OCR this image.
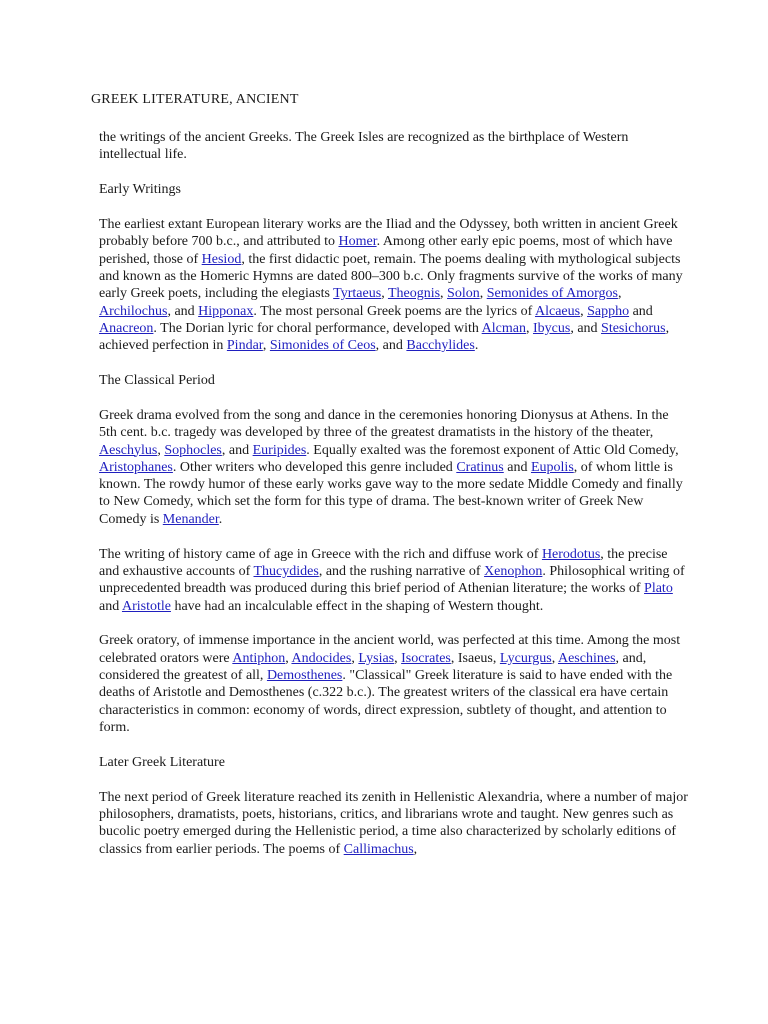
GREEK LITERATURE, ANCIENT

the writings of the ancient Greeks. The Greek Isles are recognized as the birthplace of Western intellectual life.

Early Writings

The earliest extant European literary works are the Iliad and the Odyssey, both written in ancient Greek probably before 700 b.c., and attributed to Homer. Among other early epic poems, most of which have perished, those of Hesiod, the first didactic poet, remain. The poems dealing with mythological subjects and known as the Homeric Hymns are dated 800–300 b.c. Only fragments survive of the works of many early Greek poets, including the elegiasts Tyrtaeus, Theognis, Solon, Semonides of Amorgos, Archilochus, and Hipponax. The most personal Greek poems are the lyrics of Alcaeus, Sappho and Anacreon. The Dorian lyric for choral performance, developed with Alcman, Ibycus, and Stesichorus, achieved perfection in Pindar, Simonides of Ceos, and Bacchylides.

The Classical Period

Greek drama evolved from the song and dance in the ceremonies honoring Dionysus at Athens. In the 5th cent. b.c. tragedy was developed by three of the greatest dramatists in the history of the theater, Aeschylus, Sophocles, and Euripides. Equally exalted was the foremost exponent of Attic Old Comedy, Aristophanes. Other writers who developed this genre included Cratinus and Eupolis, of whom little is known. The rowdy humor of these early works gave way to the more sedate Middle Comedy and finally to New Comedy, which set the form for this type of drama. The best-known writer of Greek New Comedy is Menander.

The writing of history came of age in Greece with the rich and diffuse work of Herodotus, the precise and exhaustive accounts of Thucydides, and the rushing narrative of Xenophon. Philosophical writing of unprecedented breadth was produced during this brief period of Athenian literature; the works of Plato and Aristotle have had an incalculable effect in the shaping of Western thought.

Greek oratory, of immense importance in the ancient world, was perfected at this time. Among the most celebrated orators were Antiphon, Andocides, Lysias, Isocrates, Isaeus, Lycurgus, Aeschines, and, considered the greatest of all, Demosthenes. "Classical" Greek literature is said to have ended with the deaths of Aristotle and Demosthenes (c.322 b.c.). The greatest writers of the classical era have certain characteristics in common: economy of words, direct expression, subtlety of thought, and attention to form.

Later Greek Literature

The next period of Greek literature reached its zenith in Hellenistic Alexandria, where a number of major philosophers, dramatists, poets, historians, critics, and librarians wrote and taught. New genres such as bucolic poetry emerged during the Hellenistic period, a time also characterized by scholarly editions of classics from earlier periods. The poems of Callimachus,
